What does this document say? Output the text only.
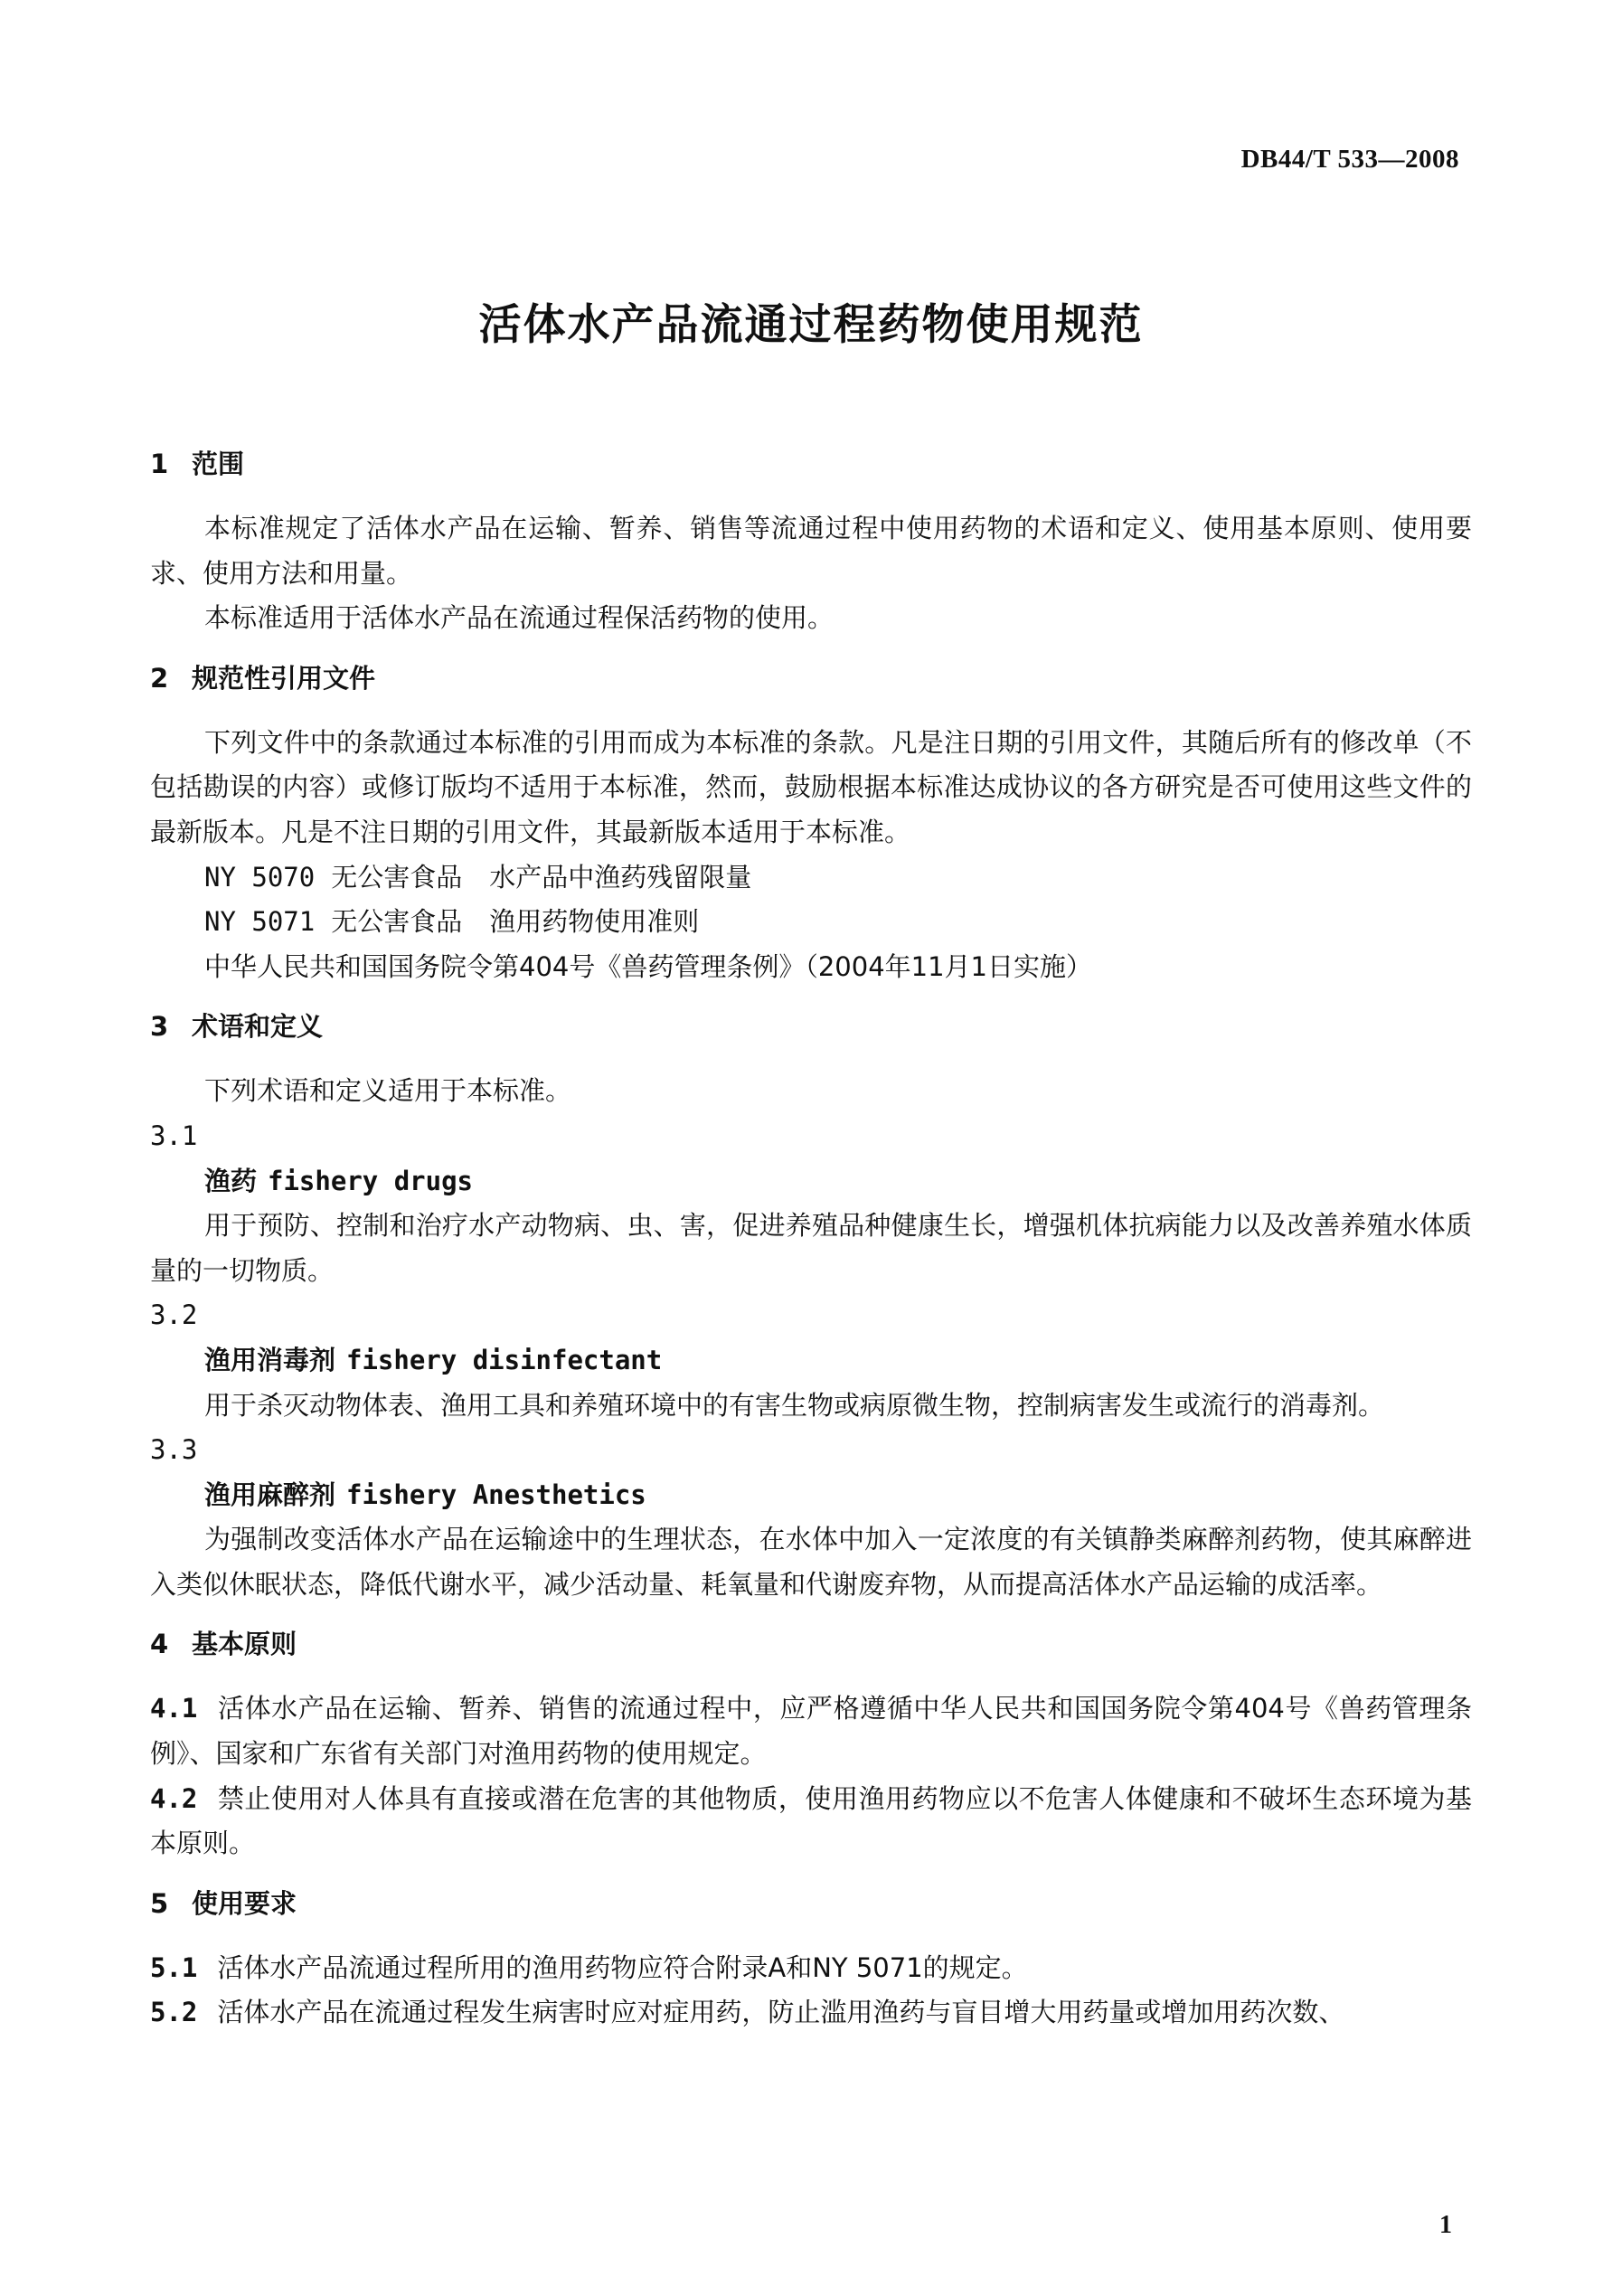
DB44/T 533—2008
活体水产品流通过程药物使用规范
1 范围

本标准规定了活体水产品在运输、暂养、销售等流通过程中使用药物的术语和定义、使用基本原则、使用要求、使用方法和用量。

本标准适用于活体水产品在流通过程保活药物的使用。

2 规范性引用文件

下列文件中的条款通过本标准的引用而成为本标准的条款。凡是注日期的引用文件，其随后所有的修改单（不包括勘误的内容）或修订版均不适用于本标准，然而，鼓励根据本标准达成协议的各方研究是否可使用这些文件的最新版本。凡是不注日期的引用文件，其最新版本适用于本标准。

NY 5070 无公害食品 水产品中渔药残留限量

NY 5071 无公害食品 渔用药物使用准则

中华人民共和国国务院令第404号《兽药管理条例》（2004年11月1日实施）

3 术语和定义

下列术语和定义适用于本标准。

3.1

渔药 fishery drugs

用于预防、控制和治疗水产动物病、虫、害，促进养殖品种健康生长，增强机体抗病能力以及改善养殖水体质量的一切物质。

3.2

渔用消毒剂 fishery disinfectant

用于杀灭动物体表、渔用工具和养殖环境中的有害生物或病原微生物，控制病害发生或流行的消毒剂。

3.3

渔用麻醉剂 fishery Anesthetics

为强制改变活体水产品在运输途中的生理状态，在水体中加入一定浓度的有关镇静类麻醉剂药物，使其麻醉进入类似休眠状态，降低代谢水平，减少活动量、耗氧量和代谢废弃物，从而提高活体水产品运输的成活率。

4 基本原则

4.1 活体水产品在运输、暂养、销售的流通过程中，应严格遵循中华人民共和国国务院令第404号《兽药管理条例》、国家和广东省有关部门对渔用药物的使用规定。

4.2 禁止使用对人体具有直接或潜在危害的其他物质，使用渔用药物应以不危害人体健康和不破坏生态环境为基本原则。

5 使用要求

5.1 活体水产品流通过程所用的渔用药物应符合附录A和NY 5071的规定。

5.2 活体水产品在流通过程发生病害时应对症用药，防止滥用渔药与盲目增大用药量或增加用药次数、

1
